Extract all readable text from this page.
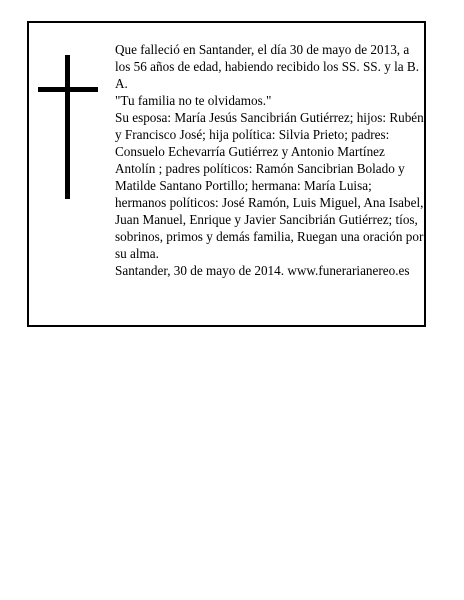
Que falleció en Santander, el día 30 de mayo de 2013, a los 56 años de edad, habiendo recibido los SS. SS. y la B. A.

"Tu familia no te olvidamos."

Su esposa: María Jesús Sancibrián Gutiérrez; hijos: Rubén y Francisco José; hija política: Silvia Prieto; padres: Consuelo Echevarría Gutiérrez y Antonio Martínez Antolín ; padres políticos: Ramón Sancibrian Bolado y Matilde Santano Portillo; hermana: María Luisa; hermanos políticos: José Ramón, Luis Miguel, Ana Isabel, Juan Manuel, Enrique y Javier Sancibrián Gutiérrez; tíos, sobrinos, primos y demás familia, Ruegan una oración por su alma.

Santander, 30 de mayo de 2014. www.funerarianereo.es
